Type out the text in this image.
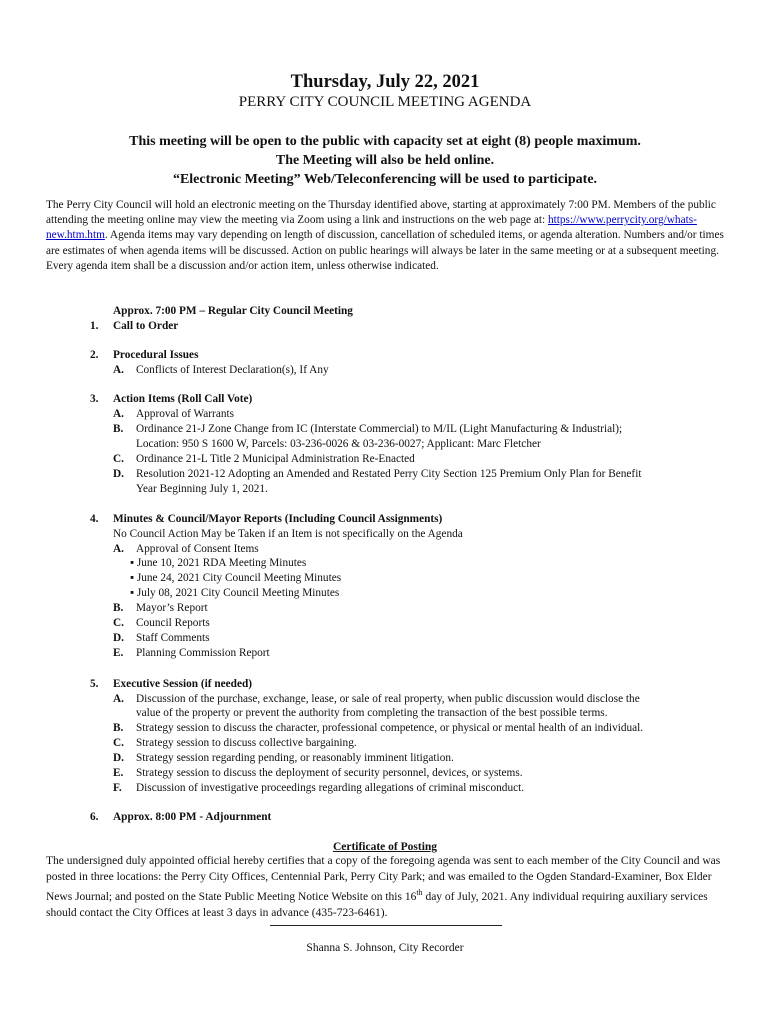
Thursday, July 22, 2021
PERRY CITY COUNCIL MEETING AGENDA
This meeting will be open to the public with capacity set at eight (8) people maximum.
The Meeting will also be held online.
“Electronic Meeting” Web/Teleconferencing will be used to participate.
The Perry City Council will hold an electronic meeting on the Thursday identified above, starting at approximately 7:00 PM. Members of the public attending the meeting online may view the meeting via Zoom using a link and instructions on the web page at: https://www.perrycity.org/whats-new.htm.htm. Agenda items may vary depending on length of discussion, cancellation of scheduled items, or agenda alteration. Numbers and/or times are estimates of when agenda items will be discussed. Action on public hearings will always be later in the same meeting or at a subsequent meeting. Every agenda item shall be a discussion and/or action item, unless otherwise indicated.
Approx. 7:00 PM – Regular City Council Meeting
1. Call to Order
2. Procedural Issues
A. Conflicts of Interest Declaration(s), If Any
3. Action Items (Roll Call Vote)
A. Approval of Warrants
B. Ordinance 21-J Zone Change from IC (Interstate Commercial) to M/IL (Light Manufacturing & Industrial);
Location: 950 S 1600 W, Parcels: 03-236-0026 & 03-236-0027; Applicant: Marc Fletcher
C. Ordinance 21-L Title 2 Municipal Administration Re-Enacted
D. Resolution 2021-12 Adopting an Amended and Restated Perry City Section 125 Premium Only Plan for Benefit
Year Beginning July 1, 2021.
4. Minutes & Council/Mayor Reports (Including Council Assignments)
No Council Action May be Taken if an Item is not specifically on the Agenda
A. Approval of Consent Items
▪ June 10, 2021 RDA Meeting Minutes
▪ June 24, 2021 City Council Meeting Minutes
▪ July 08, 2021 City Council Meeting Minutes
B. Mayor’s Report
C. Council Reports
D. Staff Comments
E. Planning Commission Report
5. Executive Session (if needed)
A. Discussion of the purchase, exchange, lease, or sale of real property, when public discussion would disclose the
value of the property or prevent the authority from completing the transaction of the best possible terms.
B. Strategy session to discuss the character, professional competence, or physical or mental health of an individual.
C. Strategy session to discuss collective bargaining.
D. Strategy session regarding pending, or reasonably imminent litigation.
E. Strategy session to discuss the deployment of security personnel, devices, or systems.
F. Discussion of investigative proceedings regarding allegations of criminal misconduct.
6. Approx. 8:00 PM - Adjournment
Certificate of Posting
The undersigned duly appointed official hereby certifies that a copy of the foregoing agenda was sent to each member of the City Council and was posted in three locations: the Perry City Offices, Centennial Park, Perry City Park; and was emailed to the Ogden Standard-Examiner, Box Elder News Journal; and posted on the State Public Meeting Notice Website on this 16th day of July, 2021. Any individual requiring auxiliary services should contact the City Offices at least 3 days in advance (435-723-6461).
Shanna S. Johnson, City Recorder
